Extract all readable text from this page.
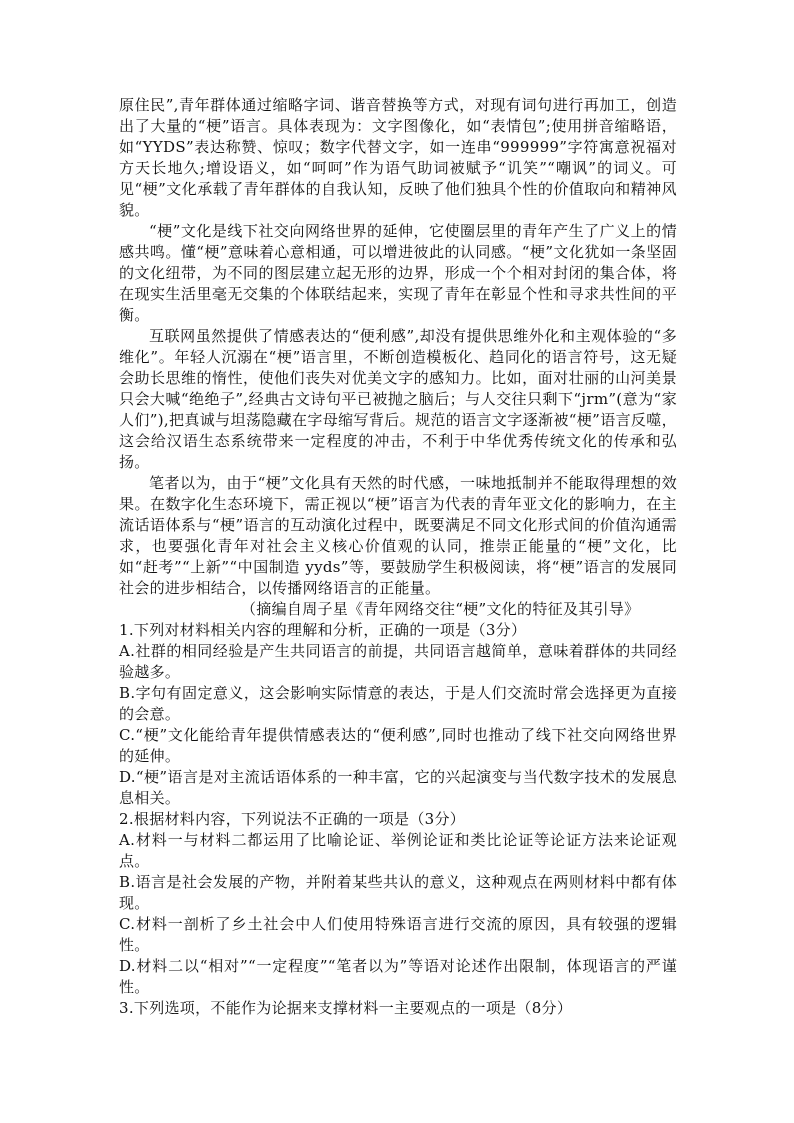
原住民”,青年群体通过缩略字词、谐音替换等方式，对现有词句进行再加工，创造出了大量的“梗”语言。具体表现为：文字图像化，如“表情包”;使用拼音缩略语，如“YYDS”表达称赞、惊叹；数字代替文字，如一连串“999999”字符寓意祝福对方天长地久;增设语义，如“呵呵”作为语气助词被赋予“讥笑”“嘲讽”的词义。可见“梗”文化承载了青年群体的自我认知，反映了他们独具个性的价值取向和精神风貌。

“梗”文化是线下社交向网络世界的延伸，它使圈层里的青年产生了广义上的情感共鸣。懂“梗”意味着心意相通，可以增进彼此的认同感。“梗”文化犹如一条坚固的文化纽带，为不同的图层建立起无形的边界，形成一个个相对封闭的集合体，将在现实生活里毫无交集的个体联结起来，实现了青年在彰显个性和寻求共性间的平衡。

互联网虽然提供了情感表达的“便利感”,却没有提供思维外化和主观体验的“多维化”。年轻人沉溺在“梗”语言里，不断创造模板化、趋同化的语言符号，这无疑会助长思维的惰性，使他们丧失对优美文字的感知力。比如，面对壮丽的山河美景只会大喊“绝绝子”,经典古文诗句平已被抛之脑后；与人交往只剩下“jrm”(意为“家人们”),把真诚与坦荡隐藏在字母缩写背后。规范的语言文字逐渐被“梗”语言反噬，这会给汉语生态系统带来一定程度的冲击，不利于中华优秀传统文化的传承和弘扬。

笔者以为，由于“梗”文化具有天然的时代感，一味地抵制并不能取得理想的效果。在数字化生态环境下，需正视以“梗”语言为代表的青年亚文化的影响力，在主流话语体系与“梗”语言的互动演化过程中，既要满足不同文化形式间的价值沟通需求，也要强化青年对社会主义核心价值观的认同，推崇正能量的“梗”文化，比如“赶考”“上新”“中国制造 yyds”等，要鼓励学生积极阅读，将“梗”语言的发展同社会的进步相结合，以传播网络语言的正能量。

（摘编自周子星《青年网络交往“梗”文化的特征及其引导》

1.下列对材料相关内容的理解和分析，正确的一项是（3分）

A.社群的相同经验是产生共同语言的前提，共同语言越简单，意味着群体的共同经验越多。

B.字句有固定意义，这会影响实际情意的表达，于是人们交流时常会选择更为直接的会意。

C.“梗”文化能给青年提供情感表达的“便利感”,同时也推动了线下社交向网络世界的延伸。

D.“梗”语言是对主流话语体系的一种丰富，它的兴起演变与当代数字技术的发展息息相关。

2.根据材料内容，下列说法不正确的一项是（3分）

A.材料一与材料二都运用了比喻论证、举例论证和类比论证等论证方法来论证观点。

B.语言是社会发展的产物，并附着某些共认的意义，这种观点在两则材料中都有体现。

C.材料一剖析了乡土社会中人们使用特殊语言进行交流的原因，具有较强的逻辑性。

D.材料二以“相对”“一定程度”“笔者以为”等语对论述作出限制，体现语言的严谨性。

3.下列选项，不能作为论据来支撑材料一主要观点的一项是（8分）
